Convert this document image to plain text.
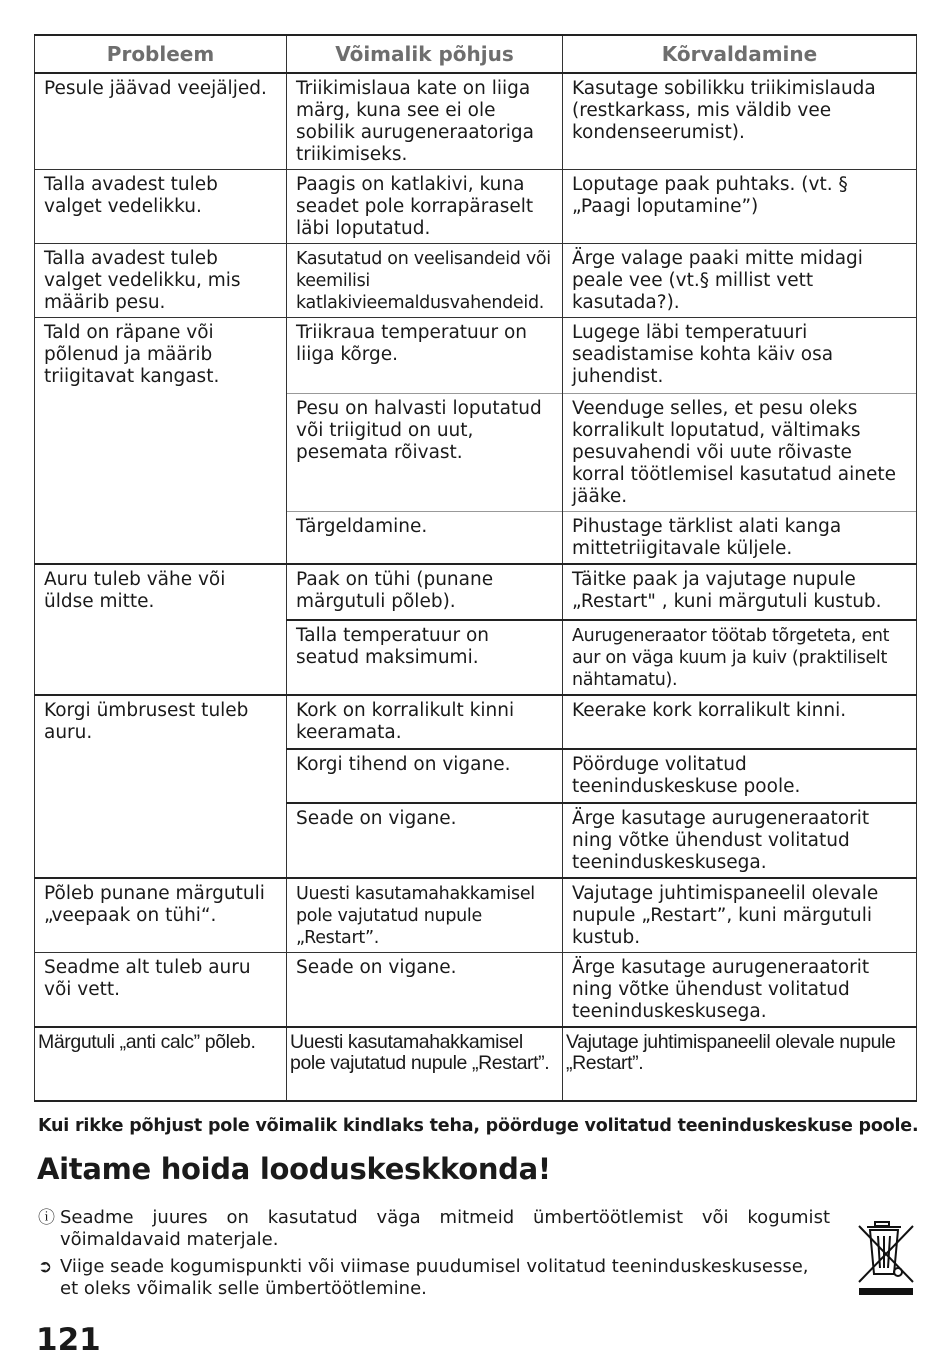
Probleem	Võimalik põhjus	Kõrvaldamine
Pesule jäävad veejäljed.	Triikimislaua kate on liiga märg, kuna see ei ole sobilik aurugeneraatoriga triikimiseks.	Kasutage sobilikku triikimislauda (restkarkass, mis väldib vee kondenseerumist).
Talla avadest tuleb valget vedelikku.	Paagis on katlakivi, kuna seadet pole korrapäraselt läbi loputatud.	Loputage paak puhtaks. (vt. § „Paagi loputamine”)
Talla avadest tuleb valget vedelikku, mis määrib pesu.	Kasutatud on veelisandeid või keemilisi katlakivieemaldusvahendeid.	Ärge valage paaki mitte midagi peale vee (vt.§ millist vett kasutada?).
Tald on räpane või põlenud ja määrib triigitavat kangast.	Triikraua temperatuur on liiga kõrge.	Lugege läbi temperatuuri seadistamise kohta käiv osa juhendist.
	Pesu on halvasti loputatud või triigitud on uut, pesemata rõivast.	Veenduge selles, et pesu oleks korralikult loputatud, vältimaks pesuvahendi või uute rõivaste korral töötlemisel kasutatud ainete jääke.
	Tärgeldamine.	Pihustage tärklist alati kanga mittetriigitavale küljele.
Auru tuleb vähe või üldse mitte.	Paak on tühi (punane märgutuli põleb).	Täitke paak ja vajutage nupule „Restart" , kuni märgutuli kustub.
	Talla temperatuur on seatud maksimumi.	Aurugeneraator töötab tõrgeteta, ent aur on väga kuum ja kuiv (praktiliselt nähtamatu).
Korgi ümbrusest tuleb auru.	Kork on korralikult kinni keeramata.	Keerake kork korralikult kinni.
	Korgi tihend on vigane.	Pöörduge volitatud teeninduskeskuse poole.
	Seade on vigane.	Ärge kasutage aurugeneraatorit ning võtke ühendust volitatud teeninduskeskusega.
Põleb punane märgutuli „veepaak on tühi“.	Uuesti kasutamahakkamisel pole vajutatud nupule „Restart”.	Vajutage juhtimispaneelil olevale nupule „Restart”, kuni märgutuli kustub.
Seadme alt tuleb auru või vett.	Seade on vigane.	Ärge kasutage aurugeneraatorit ning võtke ühendust volitatud teeninduskeskusega.
Märgutuli „anti calc” põleb.	Uuesti kasutamahakkamisel pole vajutatud nupule „Restart”.	Vajutage juhtimispaneelil olevale nupule „Restart”.
Kui rikke põhjust pole võimalik kindlaks teha, pöörduge volitatud teeninduskeskuse poole.
Aitame hoida looduskeskkonda!
ⓘ Seadme juures on kasutatud väga mitmeid ümbertöötlemist või kogumist võimaldavaid materjale.
➲ Viige seade kogumispunkti või viimase puudumisel volitatud teeninduskeskusesse, et oleks võimalik selle ümbertöötlemine.
121
